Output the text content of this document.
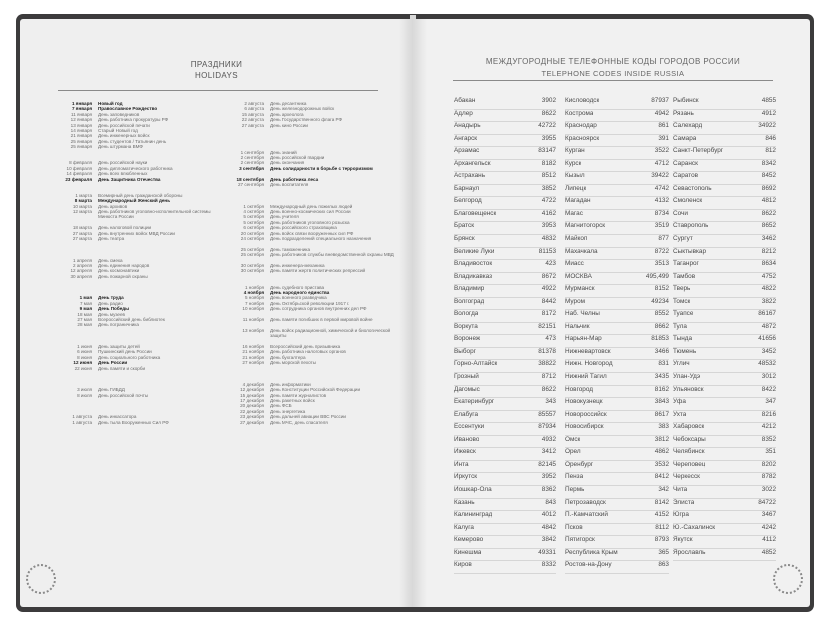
ПРАЗДНИКИ
HOLIDAYS
1 января	Новый год
7 января	Православное Рождество
11 января	День заповедников
12 января	День работника прокуратуры РФ
13 января	День российской печати
14 января	Старый Новый год
21 января	День инженерных войск
25 января	День студентов / Татьянин день
25 января	День штурмана ВМФ
8 февраля	День российской науки
10 февраля	День дипломатического работника
14 февраля	День всех влюбленных
23 февраля	День Защитника Отечества
1 марта	Всемирный день гражданской обороны
8 марта	Международный Женский день
10 марта	День архивов
12 марта	День работников уголовно-исполнительной системы Минюста России
18 марта	День налоговой полиции
27 марта	День внутренних войск МВД России
27 марта	День театра
1 апреля	День смеха
2 апреля	День единения народов
12 апреля	День космонавтики
30 апреля	День пожарной охраны
1 мая	День труда
7 мая	День радио
9 мая	День Победы
18 мая	День музеев
27 мая	Всероссийский день библиотек
28 мая	День пограничника
1 июня	День защиты детей
6 июня	Пушкинский день России
8 июня	День социального работника
12 июня	День России
22 июня	День памяти и скорби
3 июля	День ГИБДД
8 июля	День российской почты
1 августа	День инкассатора
1 августа	День тыла Вооруженных Сил РФ
2 августа	День десантника
6 августа	День железнодорожных войск
15 августа	День археолога
22 августа	День Государственного флага РФ
27 августа	День кино России
1 сентября	День знаний
2 сентября	День российской гвардии
2 сентября	День окончания
3 сентября	День солидарности в борьбе с терроризмом
18 сентября	День работника леса
27 сентября	День воспитателя
1 октября	Международный день пожилых людей
4 октября	День военно-космических сил России
5 октября	День учителя
5 октября	День работников уголовного розыска
6 октября	День российского страховщика
20 октября	День войск связи вооруженных сил РФ
24 октября	День подразделений специального назначения
25 октября	День таможенника
25 октября	День работников службы вневедомственной охраны МВД
30 октября	День инженера-механика
30 октября	День памяти жертв политических репрессий
1 ноября	День судебного пристава
4 ноября	День народного единства
5 ноября	День военного разведчика
7 ноября	День Октябрьской революции 1917 г.
10 ноября	День сотрудника органов внутренних дел РФ
11 ноября	День памяти погибших в первой мировой войне
13 ноября	День войск радиационной, химической и биологической защиты
16 ноября	Всероссийский день призывника
21 ноября	День работника налоговых органов
21 ноября	День бухгалтера
27 ноября	День морской пехоты
4 декабря	День информатики
12 декабря	День Конституции Российской Федерации
15 декабря	День памяти журналистов
17 декабря	День ракетных войск
20 декабря	День ФСБ
22 декабря	День энергетика
23 декабря	День дальней авиации ВВС России
27 декабря	День МЧС, день спасателя
МЕЖДУГОРОДНЫЕ ТЕЛЕФОННЫЕ КОДЫ ГОРОДОВ РОССИИ
TELEPHONE CODES INSIDE RUSSIA
Абакан	3902
Адлер	8622
Анадырь	42722
Ангарск	3955
Арзамас	83147
Архангельск	8182
Астрахань	8512
Барнаул	3852
Белгород	4722
Благовещенск	4162
Братск	3953
Брянск	4832
Великие Луки	81153
Владивосток	423
Владикавказ	8672
Владимир	4922
Волгоград	8442
Вологда	8172
Воркута	82151
Воронеж	473
Выборг	81378
Горно-Алтайск	38822
Грозный	8712
Дагомыс	8622
Екатеринбург	343
Елабуга	85557
Ессентуки	87934
Иваново	4932
Ижевск	3412
Инта	82145
Иркутск	3952
Йошкар-Ола	8362
Казань	843
Калининград	4012
Калуга	4842
Кемерово	3842
Кинешма	49331
Киров	8332
Кисловодск	87937
Кострома	4942
Краснодар	861
Красноярск	391
Курган	3522
Курск	4712
Кызыл	39422
Липецк	4742
Магадан	4132
Магас	8734
Магнитогорск	3519
Майкоп	877
Махачкала	8722
Миасс	3513
МОСКВА	495,499
Мурманск	8152
Муром	49234
Наб. Челны	8552
Нальчик	8662
Нарьян-Мар	81853
Нижневартовск	3466
Нижн. Новгород	831
Нижний Тагил	3435
Новгород	8162
Новокузнецк	3843
Новороссийск	8617
Новосибирск	383
Омск	3812
Орел	4862
Оренбург	3532
Пенза	8412
Пермь	342
Петрозаводск	8142
П.-Камчатский	4152
Псков	8112
Пятигорск	8793
Республика Крым	365
Ростов-на-Дону	863
Рыбинск	4855
Рязань	4912
Салехард	34922
Самара	846
Санкт-Петербург	812
Саранск	8342
Саратов	8452
Севастополь	8692
Смоленск	4812
Сочи	8622
Ставрополь	8652
Сургут	3462
Сыктывкар	8212
Таганрог	8634
Тамбов	4752
Тверь	4822
Томск	3822
Туапсе	86167
Тула	4872
Тында	41656
Тюмень	3452
Углич	48532
Улан-Удэ	3012
Ульяновск	8422
Уфа	347
Ухта	8216
Хабаровск	4212
Чебоксары	8352
Челябинск	351
Череповец	8202
Черкесск	8782
Чита	3022
Элиста	84722
Югра	3467
Ю.-Сахалинск	4242
Якутск	4112
Ярославль	4852
